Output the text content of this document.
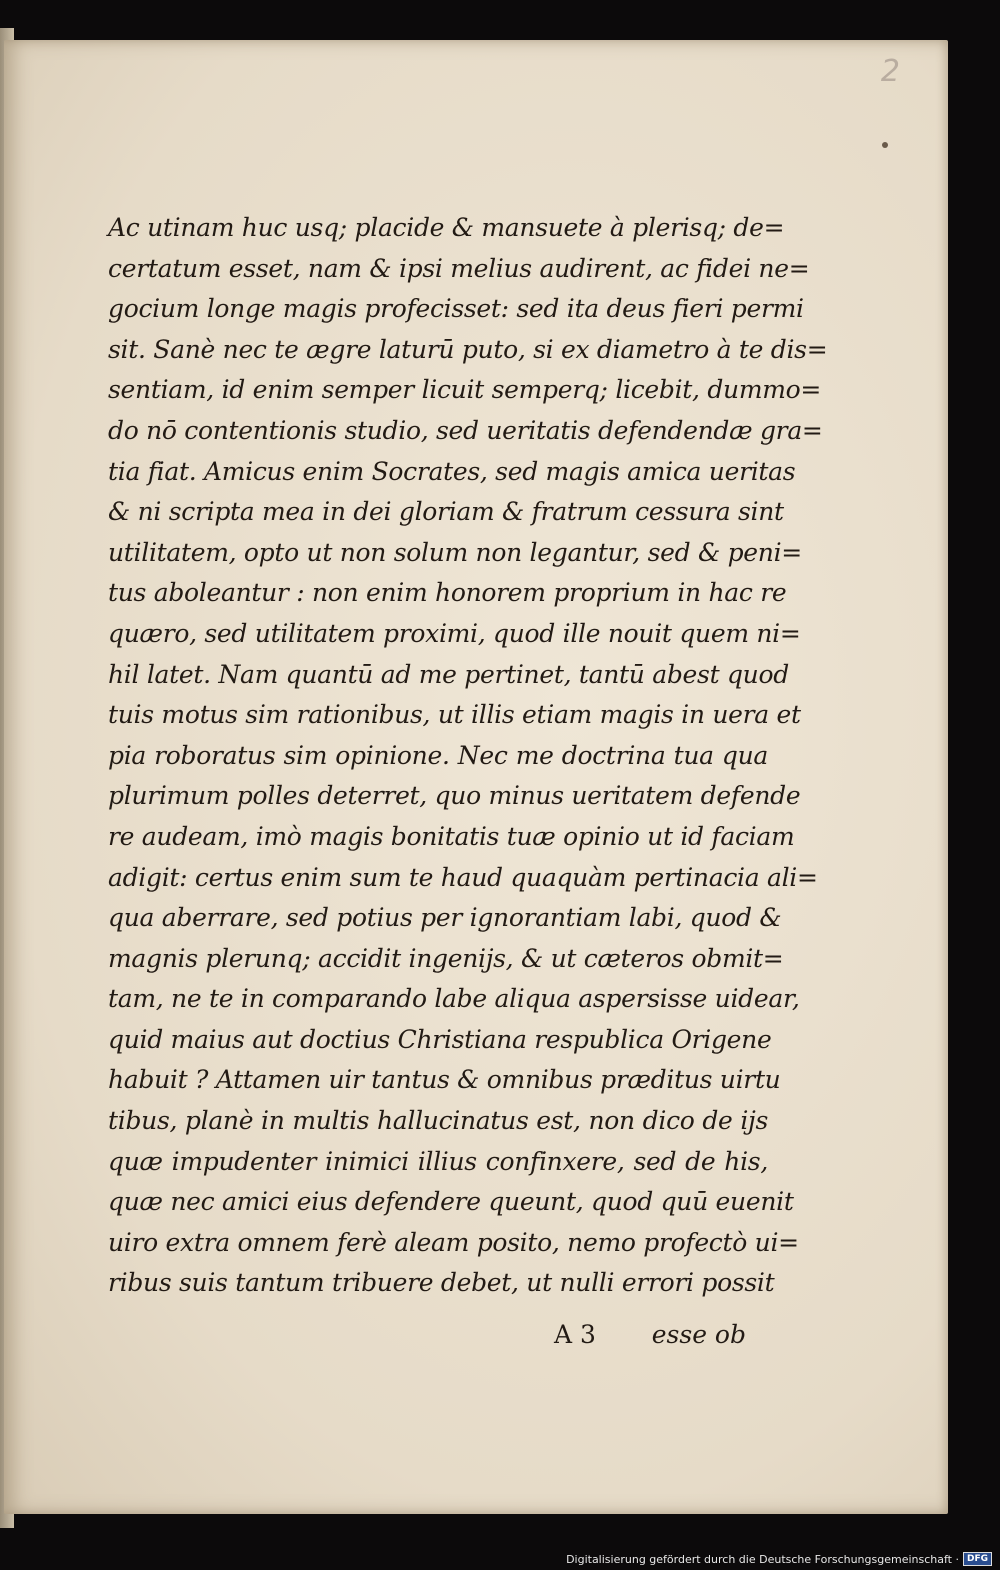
2
Ac utinam huc usq; placide & mansuete à plerisq; de=
certatum esset, nam & ipsi melius audirent, ac fidei ne=
gocium longe magis profecisset: sed ita deus fieri permi
sit. Sanè nec te ægre laturū puto, si ex diametro à te dis=
sentiam, id enim semper licuit semperq; licebit, dummo=
do nō contentionis studio, sed ueritatis defendendæ gra=
tia fiat. Amicus enim Socrates, sed magis amica ueritas
& ni scripta mea in dei gloriam & fratrum cessura sint
utilitatem, opto ut non solum non legantur, sed & peni=
tus aboleantur : non enim honorem proprium in hac re
quæro, sed utilitatem proximi, quod ille nouit quem ni=
hil latet. Nam quantū ad me pertinet, tantū abest quod
tuis motus sim rationibus, ut illis etiam magis in uera et
pia roboratus sim opinione. Nec me doctrina tua qua
plurimum polles deterret, quo minus ueritatem defende
re audeam, imò magis bonitatis tuæ opinio ut id faciam
adigit: certus enim sum te haud quaquàm pertinacia ali=
qua aberrare, sed potius per ignorantiam labi, quod &
magnis plerunq; accidit ingenijs, & ut cæteros obmit=
tam, ne te in comparando labe aliqua aspersisse uidear,
quid maius aut doctius Christiana respublica Origene
habuit ? Attamen uir tantus & omnibus præditus uirtu
tibus, planè in multis hallucinatus est, non dico de ijs
quæ impudenter inimici illius confinxere, sed de his,
quæ nec amici eius defendere queunt, quod quū euenit
uiro extra omnem ferè aleam posito, nemo profectò ui=
ribus suis tantum tribuere debet, ut nulli errori possit
A 3 esse ob
Digitalisierung gefördert durch die Deutsche Forschungsgemeinschaft · DFG
